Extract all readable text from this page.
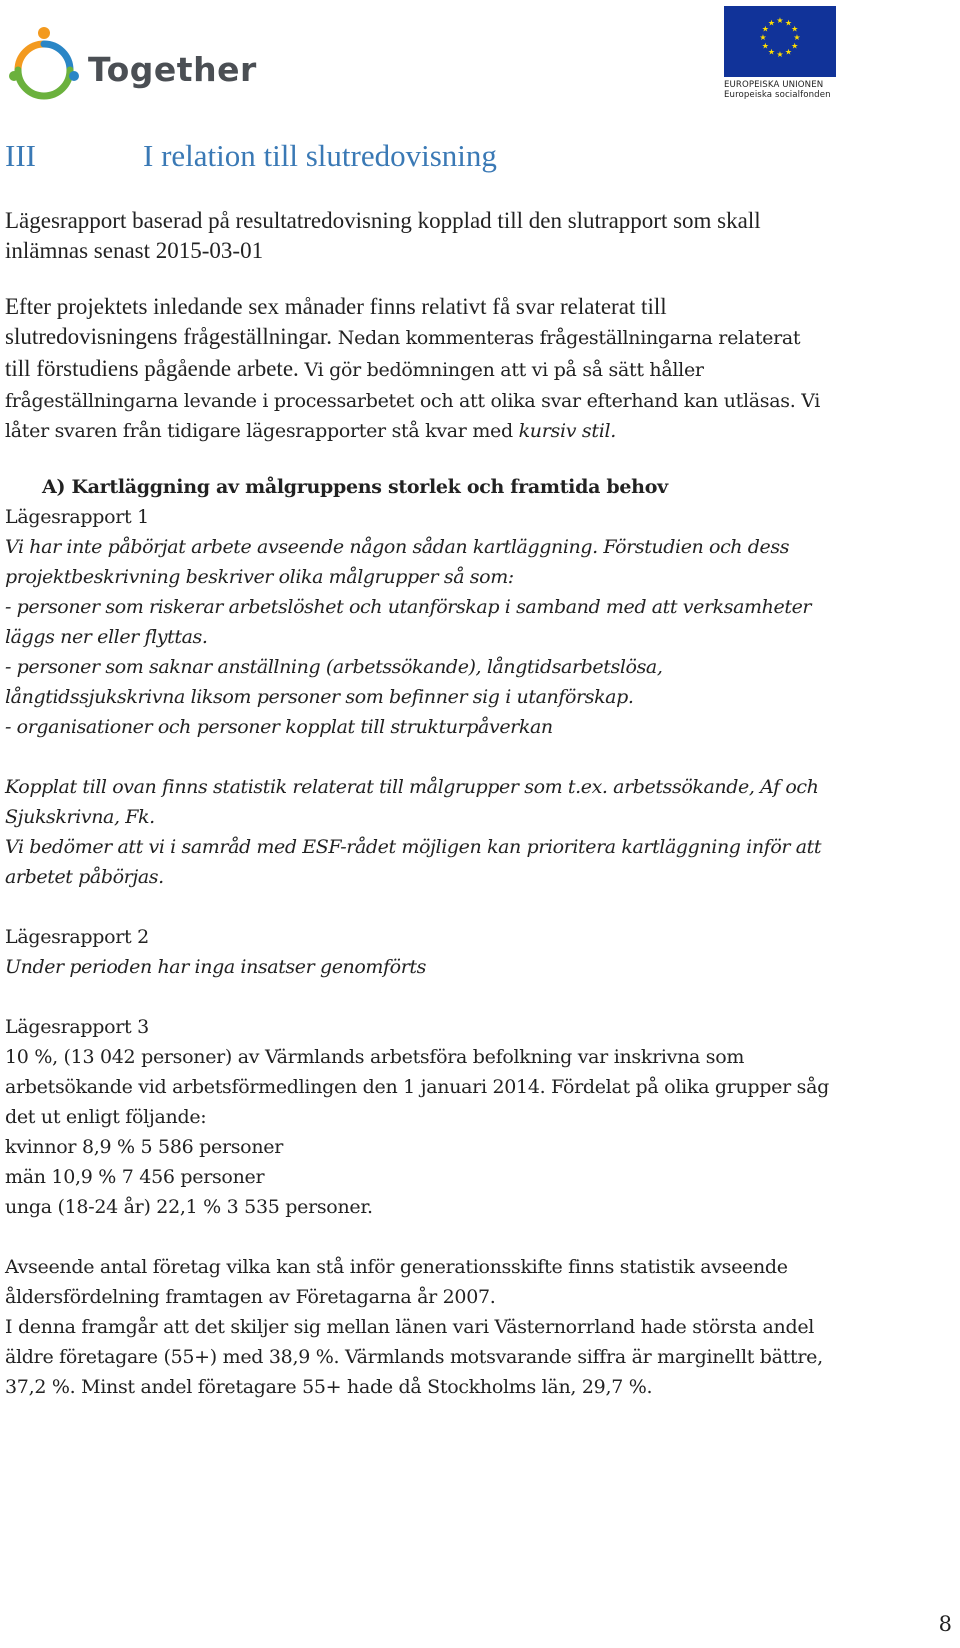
Together
★ ★
★
★
★
★
★
★
★
★
★
★
EUROPEISKA UNIONEN
Europeiska socialfonden
III	I relation till slutredovisning

Lägesrapport baserad på resultatredovisning kopplad till den slutrapport som skall
inlämnas senast 2015-03-01

Efter projektets inledande sex månader finns relativt få svar relaterat till
slutredovisningens frågeställningar. Nedan kommenteras frågeställningarna relaterat
till förstudiens pågående arbete. Vi gör bedömningen att vi på så sätt håller
frågeställningarna levande i processarbetet och att olika svar efterhand kan utläsas. Vi
låter svaren från tidigare lägesrapporter stå kvar med kursiv stil.
A) Kartläggning av målgruppens storlek och framtida behov
Lägesrapport 1
Vi har inte påbörjat arbete avseende någon sådan kartläggning. Förstudien och dess
projektbeskrivning beskriver olika målgrupper så som:
- personer som riskerar arbetslöshet och utanförskap i samband med att verksamheter
läggs ner eller flyttas.
- personer som saknar anställning (arbetssökande), långtidsarbetslösa,
långtidssjukskrivna liksom personer som befinner sig i utanförskap.
- organisationer och personer kopplat till strukturpåverkan

Kopplat till ovan finns statistik relaterat till målgrupper som t.ex. arbetssökande, Af och
Sjukskrivna, Fk.
Vi bedömer att vi i samråd med ESF-rådet möjligen kan prioritera kartläggning inför att
arbetet påbörjas.

Lägesrapport 2
Under perioden har inga insatser genomförts

Lägesrapport 3
10 %, (13 042 personer) av Värmlands arbetsföra befolkning var inskrivna som
arbetsökande vid arbetsförmedlingen den 1 januari 2014. Fördelat på olika grupper såg
det ut enligt följande:
kvinnor 8,9 % 5 586 personer
män 10,9 % 7 456 personer
unga (18-24 år) 22,1 % 3 535 personer.

Avseende antal företag vilka kan stå inför generationsskifte finns statistik avseende
åldersfördelning framtagen av Företagarna år 2007.
I denna framgår att det skiljer sig mellan länen vari Västernorrland hade största andel
äldre företagare (55+) med 38,9 %. Värmlands motsvarande siffra är marginellt bättre,
37,2 %. Minst andel företagare 55+ hade då Stockholms län, 29,7 %.
8
